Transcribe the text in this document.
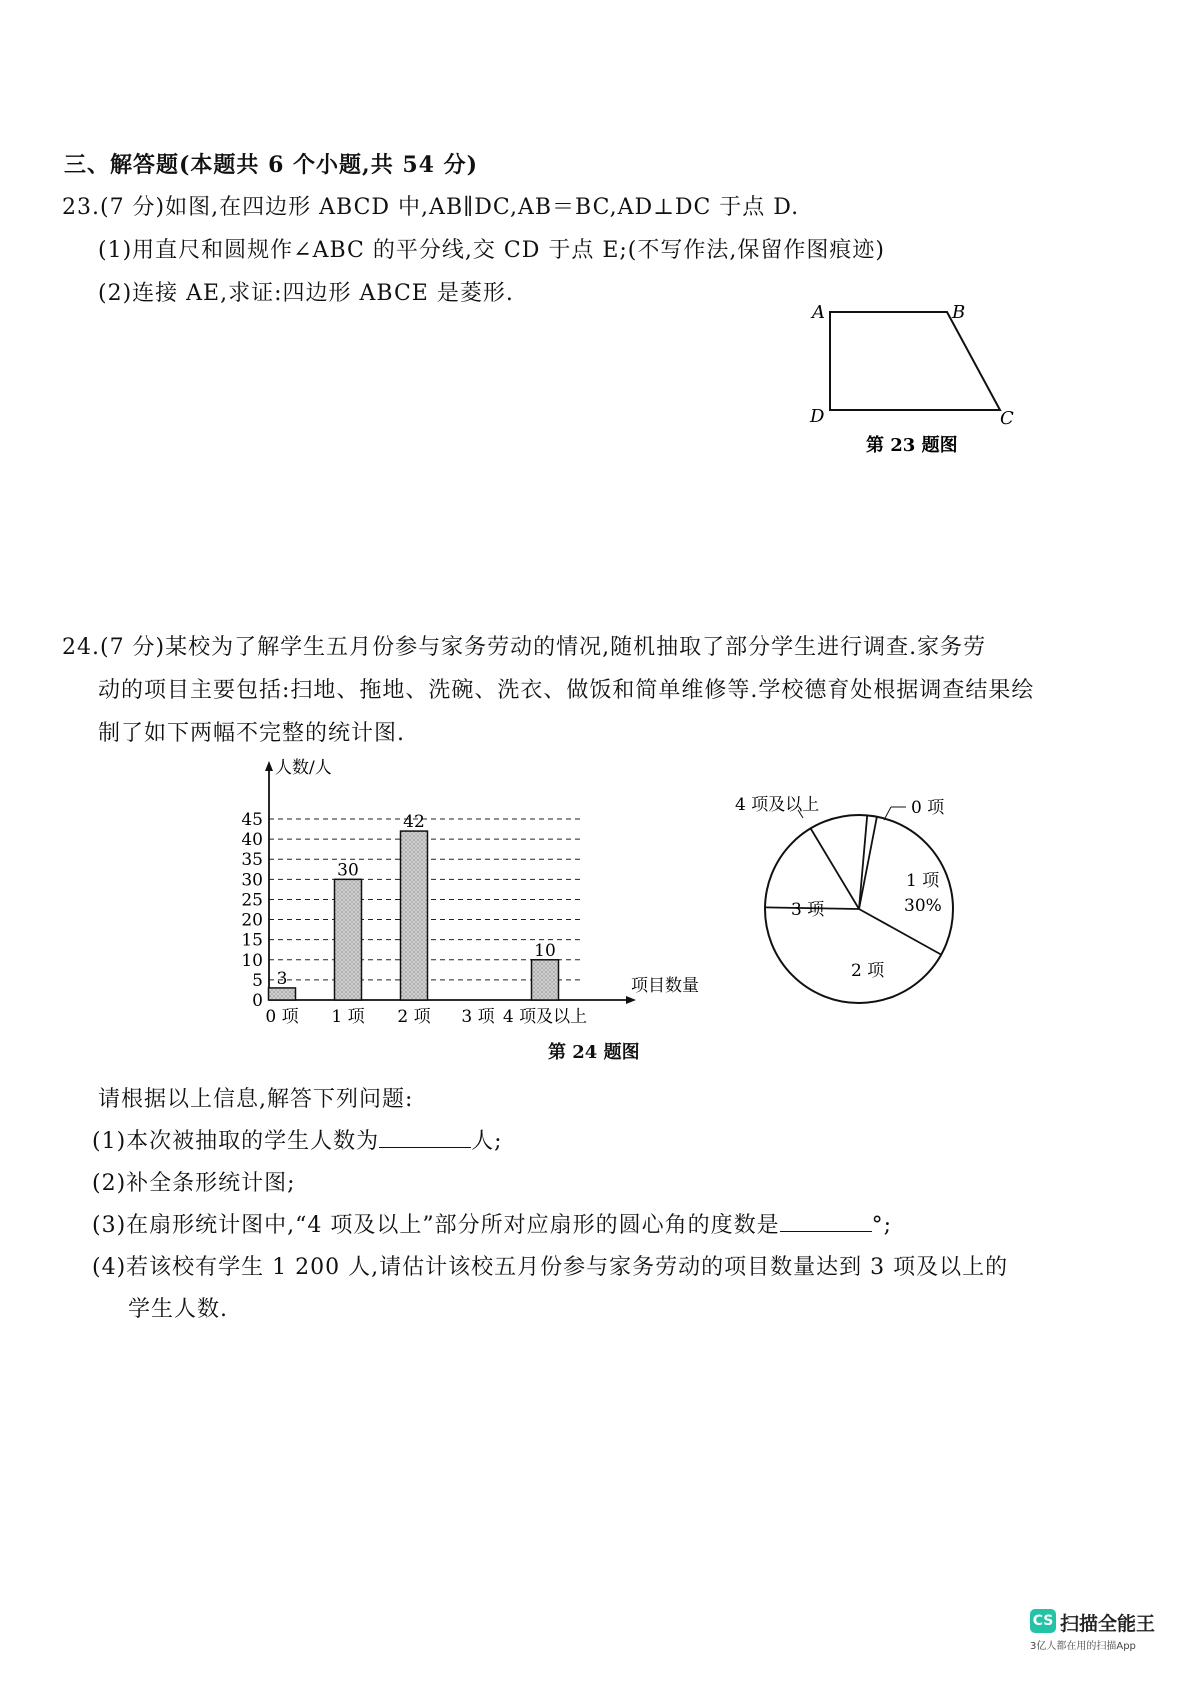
三、解答题(本题共 6 个小题,共 54 分)
23.(7 分)如图,在四边形 ABCD 中,AB∥DC,AB＝BC,AD⊥DC 于点 D.
(1)用直尺和圆规作∠ABC 的平分线,交 CD 于点 E;(不写作法,保留作图痕迹)
(2)连接 AE,求证:四边形 ABCE 是菱形.
A	B
C
D
第 23 题图
24.(7 分)某校为了解学生五月份参与家务劳动的情况,随机抽取了部分学生进行调查.家务劳
动的项目主要包括:扫地、拖地、洗碗、洗衣、做饭和简单维修等.学校德育处根据调查结果绘
制了如下两幅不完整的统计图.
人数/人
项目数量
0
5
10
15
20
25
30
35
40
45
3
30
42
10
0 项 1 项 2 项 3 项 4 项及以上
4 项及以上	0 项
1 项
30%
2 项
3 项
第 24 题图
请根据以上信息,解答下列问题:
(1)本次被抽取的学生人数为	人;
(2)补全条形统计图;
(3)在扇形统计图中,“4 项及以上”部分所对应扇形的圆心角的度数是	°;
(4)若该校有学生 1 200 人,请估计该校五月份参与家务劳动的项目数量达到 3 项及以上的
学生人数.
CS 扫描全能王
3亿人都在用的扫描App
